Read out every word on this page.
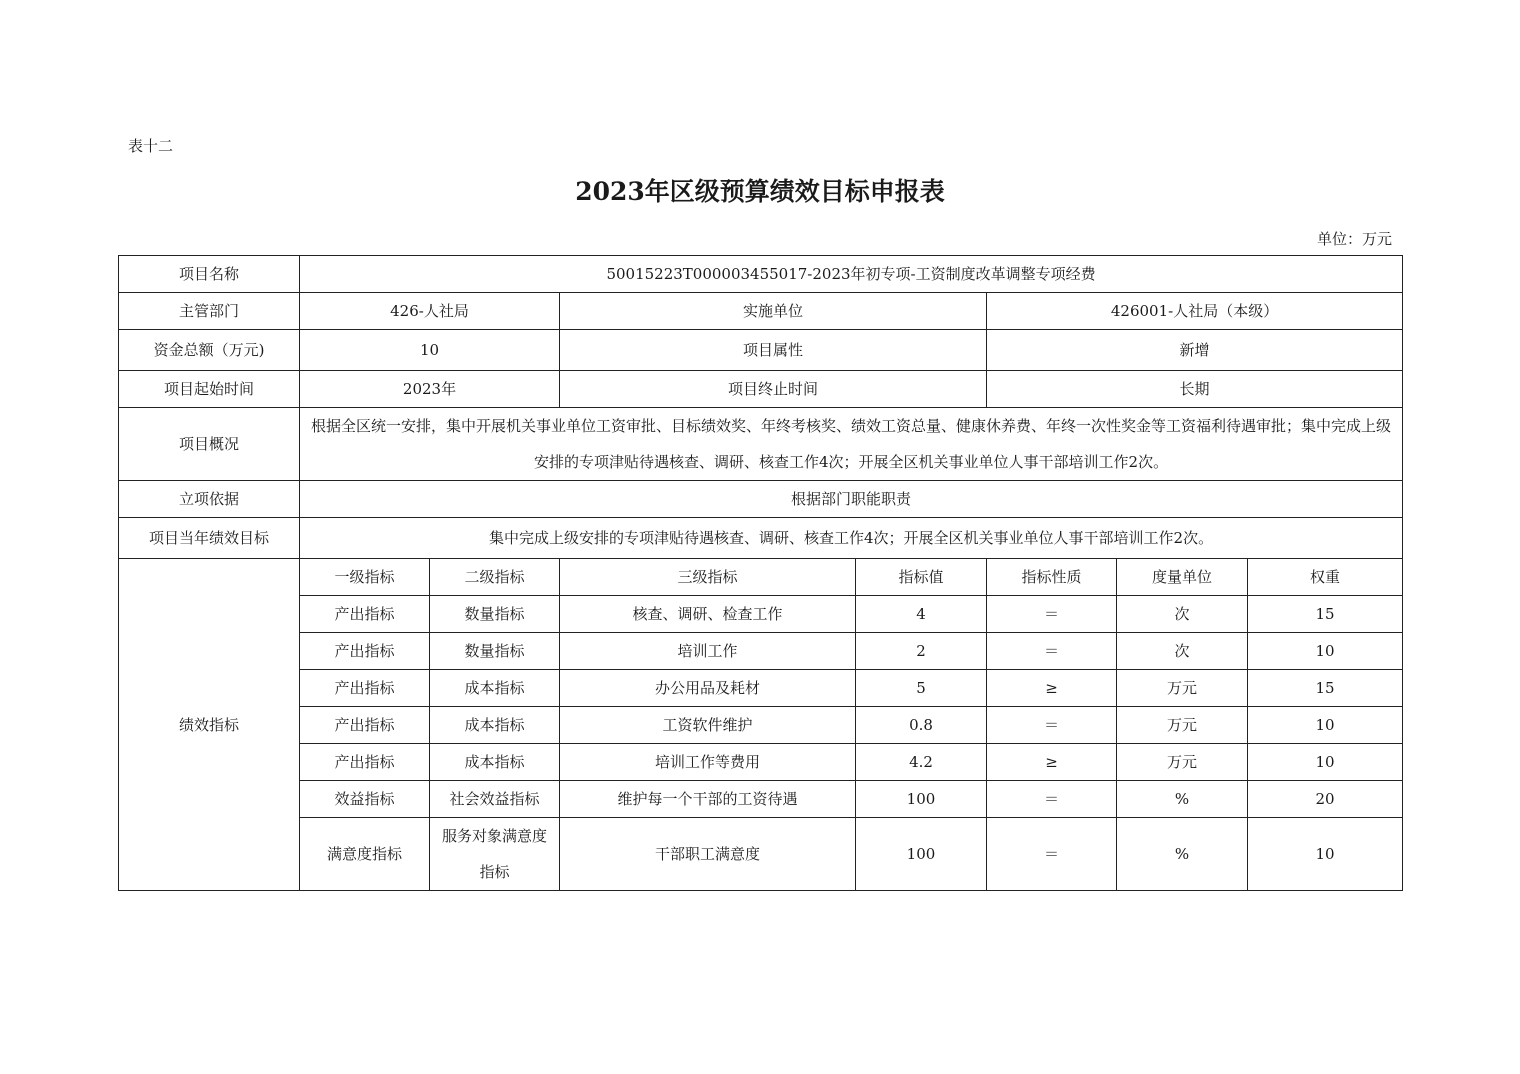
表十二
2023年区级预算绩效目标申报表
单位：万元
项目名称	50015223T000003455017-2023年初专项-工资制度改革调整专项经费						
主管部门	426-人社局		实施单位		426001-人社局（本级）		
资金总额（万元)	10		项目属性		新增		
项目起始时间	2023年		项目终止时间		长期		
项目概况	根据全区统一安排，集中开展机关事业单位工资审批、目标绩效奖、年终考核奖、绩效工资总量、健康休养费、年终一次性奖金等工资福利待遇审批；集中完成上级安排的专项津贴待遇核查、调研、核查工作4次；开展全区机关事业单位人事干部培训工作2次。						
立项依据	根据部门职能职责						
项目当年绩效目标	集中完成上级安排的专项津贴待遇核查、调研、核查工作4次；开展全区机关事业单位人事干部培训工作2次。						
绩效指标	一级指标	二级指标	三级指标	指标值	指标性质	度量单位	权重
	产出指标	数量指标	核查、调研、检查工作	4	＝	次	15
	产出指标	数量指标	培训工作	2	＝	次	10
	产出指标	成本指标	办公用品及耗材	5	≥	万元	15
	产出指标	成本指标	工资软件维护	0.8	＝	万元	10
	产出指标	成本指标	培训工作等费用	4.2	≥	万元	10
	效益指标	社会效益指标	维护每一个干部的工资待遇	100	＝	%	20
	满意度指标	服务对象满意度指标	干部职工满意度	100	＝	%	10
